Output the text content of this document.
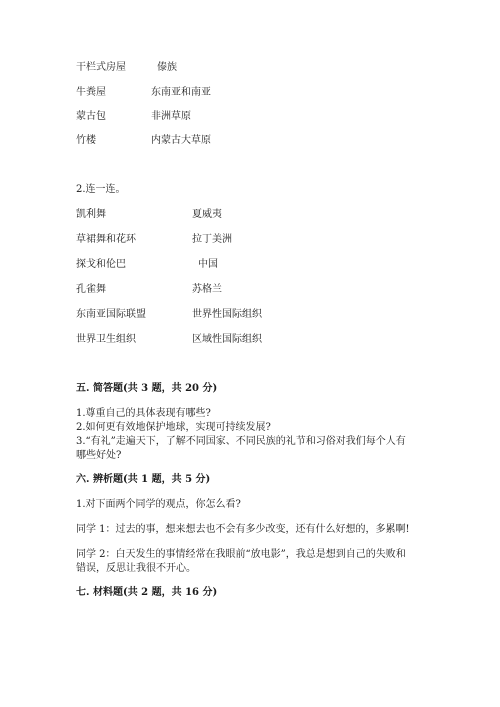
干栏式房屋	傣族
牛粪屋	东南亚和南亚
蒙古包	非洲草原
竹楼	内蒙古大草原
2.连一连。
凯利舞	夏威夷
草裙舞和花环	拉丁美洲
探戈和伦巴	中国
孔雀舞	苏格兰
东南亚国际联盟	世界性国际组织
世界卫生组织	区域性国际组织
五. 简答题(共 3 题，共 20 分)
1.尊重自己的具体表现有哪些?
2.如何更有效地保护地球，实现可持续发展?
3.“有礼”走遍天下，了解不同国家、不同民族的礼节和习俗对我们每个人有
哪些好处?
六. 辨析题(共 1 题，共 5 分)
1.对下面两个同学的观点，你怎么看?
同学 1：过去的事，想来想去也不会有多少改变，还有什么好想的，多累啊!
同学 2：白天发生的事情经常在我眼前“放电影”，我总是想到自己的失败和
错误，反思让我很不开心。
七. 材料题(共 2 题，共 16 分)
